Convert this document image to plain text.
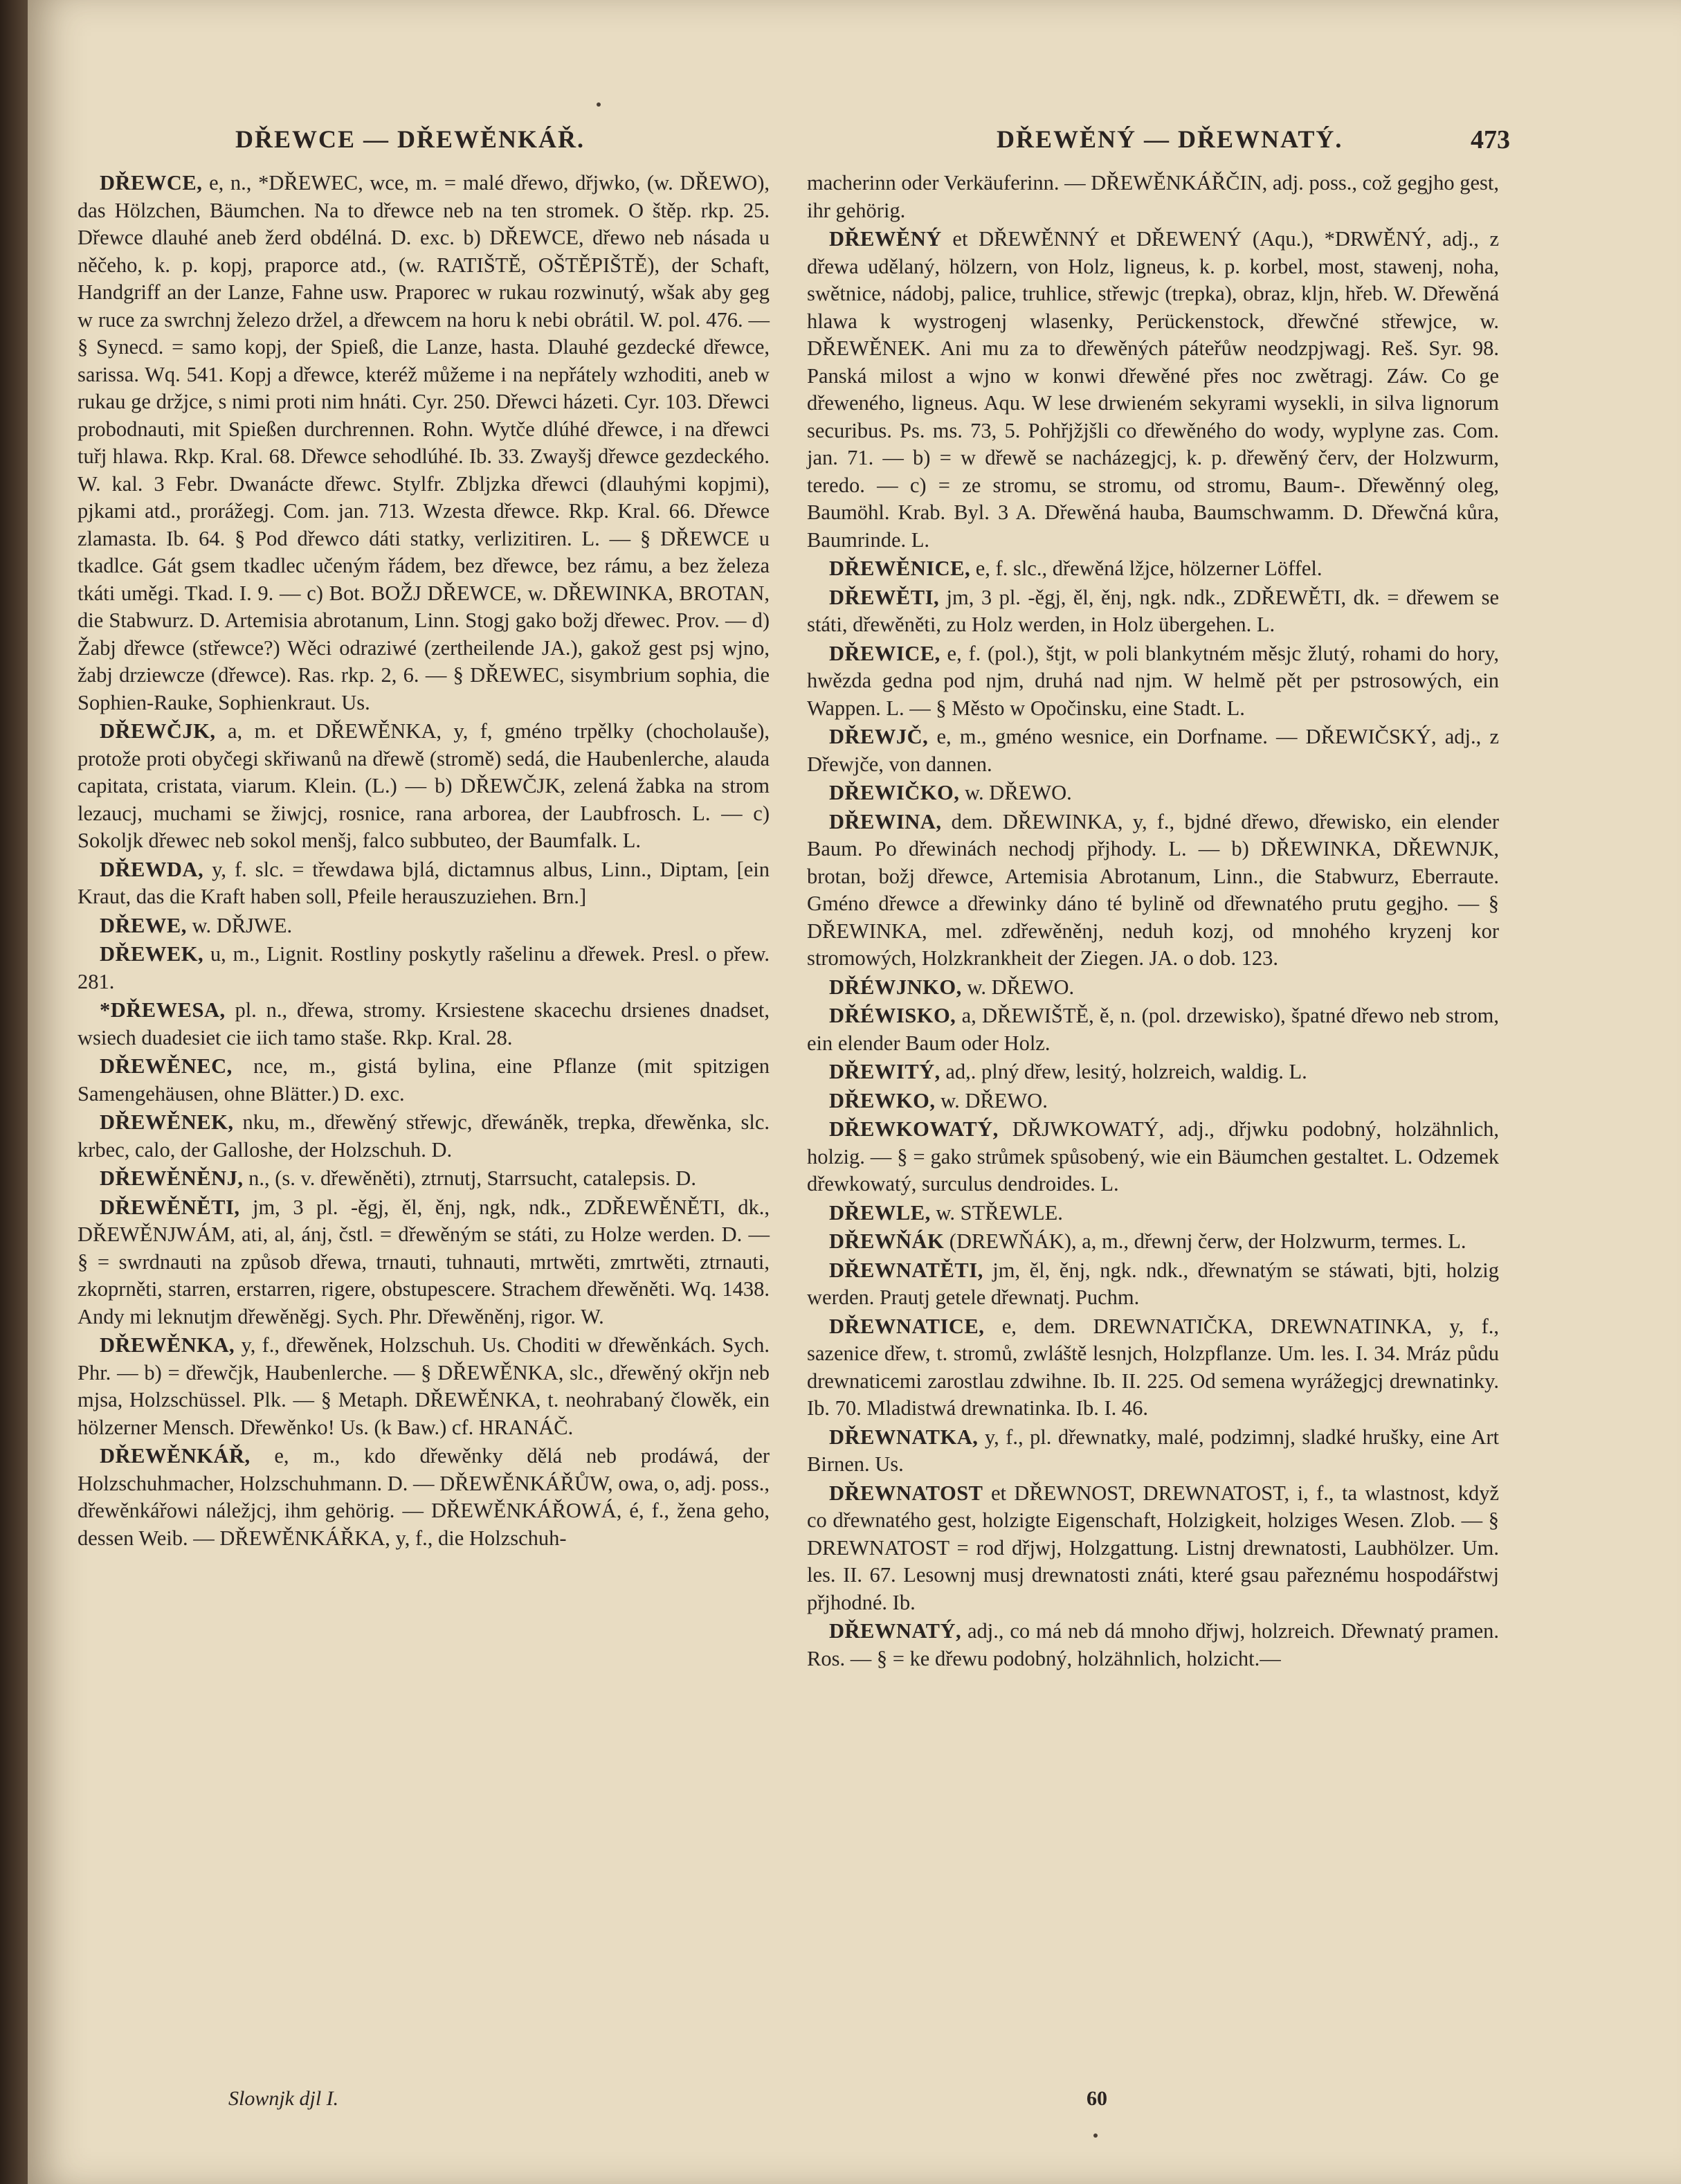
DŘEWCE — DŘEWĚNKÁŘ.	DŘEWĚNÝ — DŘEWNATÝ.	473

DŘEWCE, e, n., *DŘEWEC, wce, m. = malé dřewo, dřjwko, (w. DŘEWO), das Hölzchen, Bäumchen. Na to dřewce neb na ten stromek. O štěp. rkp. 25. Dřewce dlauhé aneb žerd obdélná. D. exc. b) DŘEWCE, dřewo neb násada u něčeho, k. p. kopj, praporce atd., (w. RATIŠTĚ, OŠTĚPIŠTĚ), der Schaft, Handgriff an der Lanze, Fahne usw. Praporec w rukau rozwinutý, wšak aby geg w ruce za swrchnj železo držel, a dřewcem na horu k nebi obrátil. W. pol. 476. — § Synecd. = samo kopj, der Spieß, die Lanze, hasta. Dlauhé gezdecké dřewce, sarissa. Wq. 541. Kopj a dřewce, kteréž můžeme i na nepřátely wzhoditi, aneb w rukau ge držjce, s nimi proti nim hnáti. Cyr. 250. Dřewci házeti. Cyr. 103. Dřewci probodnauti, mit Spießen durchrennen. Rohn. Wytče dlúhé dřewce, i na dřewci tuřj hlawa. Rkp. Kral. 68. Dřewce sehodlúhé. Ib. 33. Zwayšj dřewce gezdeckého. W. kal. 3 Febr. Dwanácte dřewc. Stylfr. Zbljzka dřewci (dlauhými kopjmi), pjkami atd., prorážegj. Com. jan. 713. Wzesta dřewce. Rkp. Kral. 66. Dřewce zlamasta. Ib. 64. § Pod dřewco dáti statky, verlizitiren. L. — § DŘEWCE u tkadlce. Gát gsem tkadlec učeným řádem, bez dřewce, bez rámu, a bez železa tkáti uměgi. Tkad. I. 9. — c) Bot. BOŽJ DŘEWCE, w. DŘEWINKA, BROTAN, die Stabwurz. D. Artemisia abrotanum, Linn. Stogj gako božj dřewec. Prov. — d) Žabj dřewce (střewce?) Wěci odraziwé (zertheilende JA.), gakož gest psj wjno, žabj drziewcze (dřewce). Ras. rkp. 2, 6. — § DŘEWEC, sisymbrium sophia, die Sophien-Rauke, Sophienkraut. Us.

DŘEWČJK, a, m. et DŘEWĚNKA, y, f, gméno trpělky (chocholauše), protože proti obyčegi skřiwanů na dřewě (stromě) sedá, die Haubenlerche, alauda capitata, cristata, viarum. Klein. (L.) — b) DŘEWČJK, zelená žabka na strom lezaucj, muchami se žiwjcj, rosnice, rana arborea, der Laubfrosch. L. — c) Sokoljk dřewec neb sokol menšj, falco subbuteo, der Baumfalk. L.

DŘEWDA, y, f. slc. = třewdawa bjlá, dictamnus albus, Linn., Diptam, [ein Kraut, das die Kraft haben soll, Pfeile herauszuziehen. Brn.]

DŘEWE, w. DŘJWE.

DŘEWEK, u, m., Lignit. Rostliny poskytly rašelinu a dřewek. Presl. o přew. 281.

*DŘEWESA, pl. n., dřewa, stromy. Krsiestene skacechu drsienes dnadset, wsiech duadesiet cie iich tamo staše. Rkp. Kral. 28.

DŘEWĚNEC, nce, m., gistá bylina, eine Pflanze (mit spitzigen Samengehäusen, ohne Blätter.) D. exc.

DŘEWĚNEK, nku, m., dřewěný střewjc, dřewáněk, trepka, dřewěnka, slc. krbec, calo, der Galloshe, der Holzschuh. D.

DŘEWĚNĚNJ, n., (s. v. dřewěněti), ztrnutj, Starrsucht, catalepsis. D.

DŘEWĚNĚTI, jm, 3 pl. -ěgj, ěl, ěnj, ngk, ndk., ZDŘEWĚNĚTI, dk., DŘEWĚNJWÁM, ati, al, ánj, čstl. = dřewěným se státi, zu Holze werden. D. — § = swrdnauti na způsob dřewa, trnauti, tuhnauti, mrtwěti, zmrtwěti, ztrnauti, zkoprněti, starren, erstarren, rigere, obstupescere. Strachem dřewěněti. Wq. 1438. Andy mi leknutjm dřewěněgj. Sych. Phr. Dřewěněnj, rigor. W.

DŘEWĚNKA, y, f., dřewěnek, Holzschuh. Us. Choditi w dřewěnkách. Sych. Phr. — b) = dřewčjk, Haubenlerche. — § DŘEWĚNKA, slc., dřewěný okřjn neb mjsa, Holzschüssel. Plk. — § Metaph. DŘEWĚNKA, t. neohrabaný člowěk, ein hölzerner Mensch. Dřewěnko! Us. (k Baw.) cf. HRANÁČ.

DŘEWĚNKÁŘ, e, m., kdo dřewěnky dělá neb prodáwá, der Holzschuhmacher, Holzschuhmann. D. — DŘEWĚNKÁŘŮW, owa, o, adj. poss., dřewěnkářowi náležjcj, ihm gehörig. — DŘEWĚNKÁŘOWÁ, é, f., žena geho, dessen Weib. — DŘEWĚNKÁŘKA, y, f., die Holzschuh-

macherinn oder Verkäuferinn. — DŘEWĚNKÁŘČIN, adj. poss., což gegjho gest, ihr gehörig.

DŘEWĚNÝ et DŘEWĚNNÝ et DŘEWENÝ (Aqu.), *DRWĚNÝ, adj., z dřewa udělaný, hölzern, von Holz, ligneus, k. p. korbel, most, stawenj, noha, swětnice, nádobj, palice, truhlice, střewjc (trepka), obraz, kljn, hřeb. W. Dřewěná hlawa k wystrogenj wlasenky, Perückenstock, dřewčné střewjce, w. DŘEWĚNEK. Ani mu za to dřewěných páteřůw neodzpjwagj. Reš. Syr. 98. Panská milost a wjno w konwi dřewěné přes noc zwětragj. Záw. Co ge dřeweného, ligneus. Aqu. W lese drwieném sekyrami wysekli, in silva lignorum securibus. Ps. ms. 73, 5. Pohřjžjšli co dřewěného do wody, wyplyne zas. Com. jan. 71. — b) = w dřewě se nacházegjcj, k. p. dřewěný červ, der Holzwurm, teredo. — c) = ze stromu, se stromu, od stromu, Baum-. Dřewěnný oleg, Baumöhl. Krab. Byl. 3 A. Dřewěná hauba, Baumschwamm. D. Dřewčná kůra, Baumrinde. L.

DŘEWĚNICE, e, f. slc., dřewěná lžjce, hölzerner Löffel.

DŘEWĚTI, jm, 3 pl. -ěgj, ěl, ěnj, ngk. ndk., ZDŘEWĚTI, dk. = dřewem se státi, dřewěněti, zu Holz werden, in Holz übergehen. L.

DŘEWICE, e, f. (pol.), štjt, w poli blankytném měsjc žlutý, rohami do hory, hwězda gedna pod njm, druhá nad njm. W helmě pět per pstrosowých, ein Wappen. L. — § Město w Opočinsku, eine Stadt. L.

DŘEWJČ, e, m., gméno wesnice, ein Dorfname. — DŘEWIČSKÝ, adj., z Dřewjče, von dannen.

DŘEWIČKO, w. DŘEWO.

DŘEWINA, dem. DŘEWINKA, y, f., bjdné dřewo, dřewisko, ein elender Baum. Po dřewinách nechodj přjhody. L. — b) DŘEWINKA, DŘEWNJK, brotan, božj dřewce, Artemisia Abrotanum, Linn., die Stabwurz, Eberraute. Gméno dřewce a dřewinky dáno té bylině od dřewnatého prutu gegjho. — § DŘEWINKA, mel. zdřewěněnj, neduh kozj, od mnohého kryzenj kor stromowých, Holzkrankheit der Ziegen. JA. o dob. 123.

DŘÉWJNKO, w. DŘEWO.

DŘÉWISKO, a, DŘEWIŠTĚ, ě, n. (pol. drzewisko), špatné dřewo neb strom, ein elender Baum oder Holz.

DŘEWITÝ, ad,. plný dřew, lesitý, holzreich, waldig. L.

DŘEWKO, w. DŘEWO.

DŘEWKOWATÝ, DŘJWKOWATÝ, adj., dřjwku podobný, holzähnlich, holzig. — § = gako strůmek spůsobený, wie ein Bäumchen gestaltet. L. Odzemek dřewkowatý, surculus dendroides. L.

DŘEWLE, w. STŘEWLE.

DŘEWŇÁK (DREWŇÁK), a, m., dřewnj čerw, der Holzwurm, termes. L.

DŘEWNATĚTI, jm, ěl, ěnj, ngk. ndk., dřewnatým se stáwati, bjti, holzig werden. Prautj getele dřewnatj. Puchm.

DŘEWNATICE, e, dem. DREWNATIČKA, DREWNATINKA, y, f., sazenice dřew, t. stromů, zwláště lesnjch, Holzpflanze. Um. les. I. 34. Mráz půdu drewnaticemi zarostlau zdwihne. Ib. II. 225. Od semena wyrážegjcj drewnatinky. Ib. 70. Mladistwá drewnatinka. Ib. I. 46.

DŘEWNATKA, y, f., pl. dřewnatky, malé, podzimnj, sladké hrušky, eine Art Birnen. Us.

DŘEWNATOST et DŘEWNOST, DREWNATOST, i, f., ta wlastnost, když co dřewnatého gest, holzigte Eigenschaft, Holzigkeit, holziges Wesen. Zlob. — § DREWNATOST = rod dřjwj, Holzgattung. Listnj drewnatosti, Laubhölzer. Um. les. II. 67. Lesownj musj drewnatosti znáti, které gsau pařeznému hospodářstwj přjhodné. Ib.

DŘEWNATÝ, adj., co má neb dá mnoho dřjwj, holzreich. Dřewnatý pramen. Ros. — § = ke dřewu podobný, holzähnlich, holzicht.—

Slownjk djl I.	60
